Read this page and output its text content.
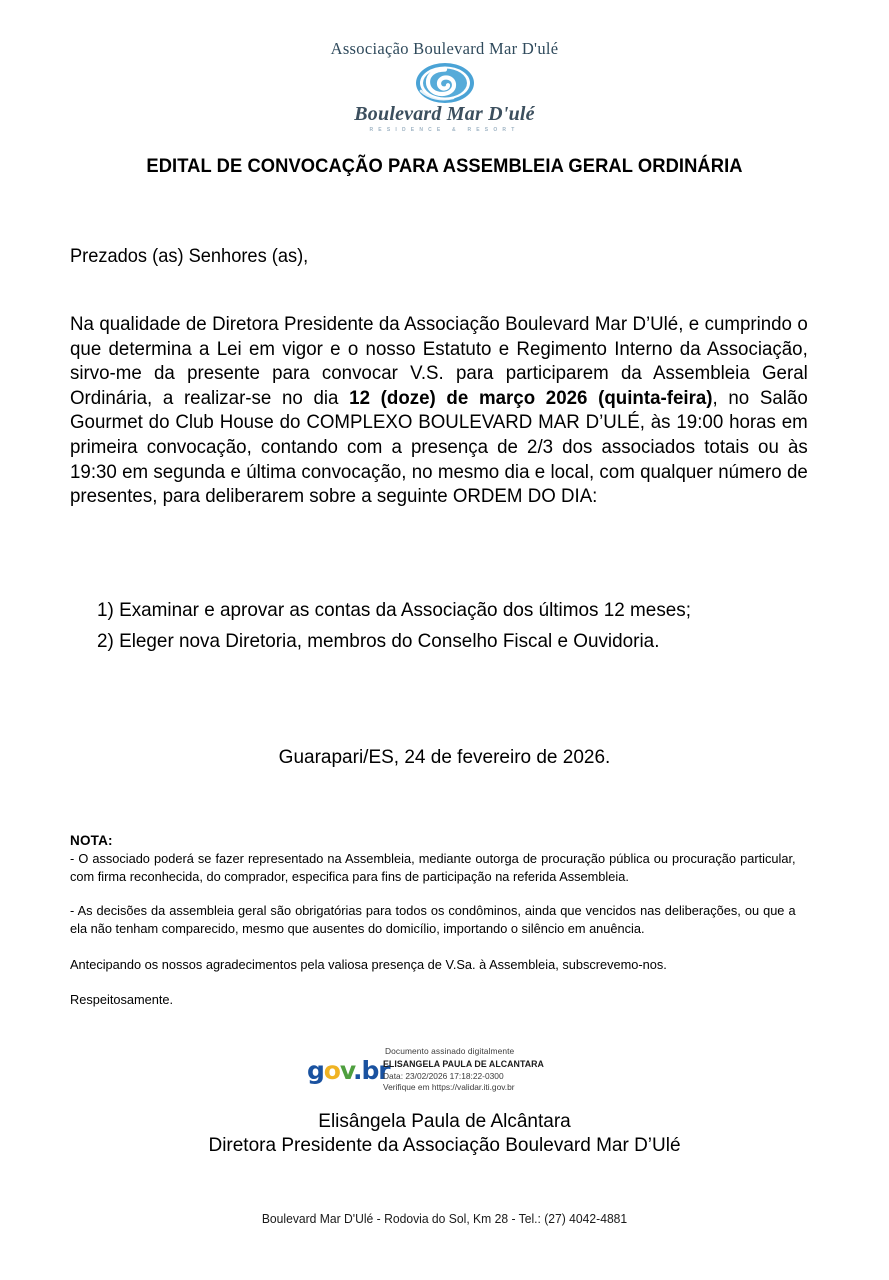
Associação Boulevard Mar D'ulé
Boulevard Mar D'ulé
RESIDENCE & RESORT
EDITAL DE CONVOCAÇÃO PARA ASSEMBLEIA GERAL ORDINÁRIA
Prezados (as) Senhores (as),

Na qualidade de Diretora Presidente da Associação Boulevard Mar D’Ulé, e cumprindo o que determina a Lei em vigor e o nosso Estatuto e Regimento Interno da Associação, sirvo-me da presente para convocar V.S. para participarem da Assembleia Geral Ordinária, a realizar-se no dia 12 (doze) de março 2026 (quinta-feira), no Salão Gourmet do Club House do COMPLEXO BOULEVARD MAR D’ULÉ, às 19:00 horas em primeira convocação, contando com a presença de 2/3 dos associados totais ou às 19:30 em segunda e última convocação, no mesmo dia e local, com qualquer número de presentes, para deliberarem sobre a seguinte ORDEM DO DIA:

1) Examinar e aprovar as contas da Associação dos últimos 12 meses;
2) Eleger nova Diretoria, membros do Conselho Fiscal e Ouvidoria.
Guarapari/ES, 24 de fevereiro de 2026.
NOTA:

- O associado poderá se fazer representado na Assembleia, mediante outorga de procuração pública ou procuração particular, com firma reconhecida, do comprador, especifica para fins de participação na referida Assembleia.

- As decisões da assembleia geral são obrigatórias para todos os condôminos, ainda que vencidos nas deliberações, ou que a ela não tenham comparecido, mesmo que ausentes do domicílio, importando o silêncio em anuência.

Antecipando os nossos agradecimentos pela valiosa presença de V.Sa. à Assembleia, subscrevemo-nos.

Respeitosamente.

Documento assinado digitalmente
gov.br
ELISANGELA PAULA DE ALCANTARA
Data: 23/02/2026 17:18:22-0300
Verifique em https://validar.iti.gov.br
Elisângela Paula de Alcântara
Diretora Presidente da Associação Boulevard Mar D’Ulé
Boulevard Mar D'Ulé - Rodovia do Sol, Km 28 - Tel.: (27) 4042-4881
